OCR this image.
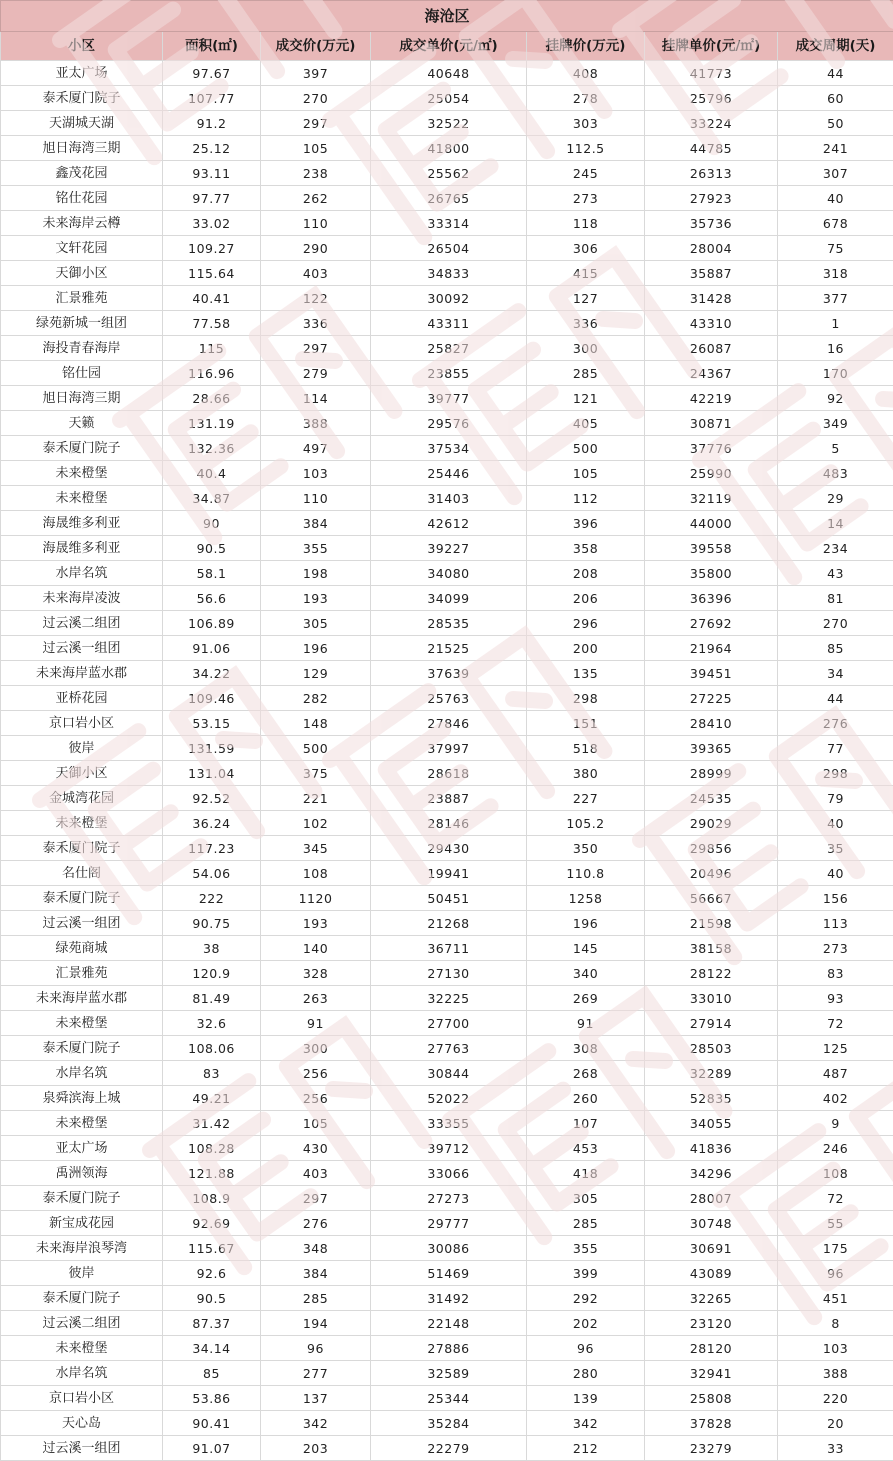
海沧区						
小区	面积(㎡)	成交价(万元)	成交单价(元/㎡)	挂牌价(万元)	挂牌单价(元/㎡)	成交周期(天)
亚太广场	97.67	397	40648	408	41773	44
泰禾厦门院子	107.77	270	25054	278	25796	60
天湖城天湖	91.2	297	32522	303	33224	50
旭日海湾三期	25.12	105	41800	112.5	44785	241
鑫茂花园	93.11	238	25562	245	26313	307
铭仕花园	97.77	262	26765	273	27923	40
未来海岸云樽	33.02	110	33314	118	35736	678
文轩花园	109.27	290	26504	306	28004	75
天御小区	115.64	403	34833	415	35887	318
汇景雅苑	40.41	122	30092	127	31428	377
绿苑新城一组团	77.58	336	43311	336	43310	1
海投青春海岸	115	297	25827	300	26087	16
铭仕园	116.96	279	23855	285	24367	170
旭日海湾三期	28.66	114	39777	121	42219	92
天籁	131.19	388	29576	405	30871	349
泰禾厦门院子	132.36	497	37534	500	37776	5
未来橙堡	40.4	103	25446	105	25990	483
未来橙堡	34.87	110	31403	112	32119	29
海晟维多利亚	90	384	42612	396	44000	14
海晟维多利亚	90.5	355	39227	358	39558	234
水岸名筑	58.1	198	34080	208	35800	43
未来海岸凌波	56.6	193	34099	206	36396	81
过云溪二组团	106.89	305	28535	296	27692	270
过云溪一组团	91.06	196	21525	200	21964	85
未来海岸蓝水郡	34.22	129	37639	135	39451	34
亚桥花园	109.46	282	25763	298	27225	44
京口岩小区	53.15	148	27846	151	28410	276
彼岸	131.59	500	37997	518	39365	77
天御小区	131.04	375	28618	380	28999	298
金城湾花园	92.52	221	23887	227	24535	79
未来橙堡	36.24	102	28146	105.2	29029	40
泰禾厦门院子	117.23	345	29430	350	29856	35
名仕阁	54.06	108	19941	110.8	20496	40
泰禾厦门院子	222	1120	50451	1258	56667	156
过云溪一组团	90.75	193	21268	196	21598	113
绿苑商城	38	140	36711	145	38158	273
汇景雅苑	120.9	328	27130	340	28122	83
未来海岸蓝水郡	81.49	263	32225	269	33010	93
未来橙堡	32.6	91	27700	91	27914	72
泰禾厦门院子	108.06	300	27763	308	28503	125
水岸名筑	83	256	30844	268	32289	487
泉舜滨海上城	49.21	256	52022	260	52835	402
未来橙堡	31.42	105	33355	107	34055	9
亚太广场	108.28	430	39712	453	41836	246
禹洲领海	121.88	403	33066	418	34296	108
泰禾厦门院子	108.9	297	27273	305	28007	72
新宝成花园	92.69	276	29777	285	30748	55
未来海岸浪琴湾	115.67	348	30086	355	30691	175
彼岸	92.6	384	51469	399	43089	96
泰禾厦门院子	90.5	285	31492	292	32265	451
过云溪二组团	87.37	194	22148	202	23120	8
未来橙堡	34.14	96	27886	96	28120	103
水岸名筑	85	277	32589	280	32941	388
京口岩小区	53.86	137	25344	139	25808	220
天心岛	90.41	342	35284	342	37828	20
过云溪一组团	91.07	203	22279	212	23279	33
